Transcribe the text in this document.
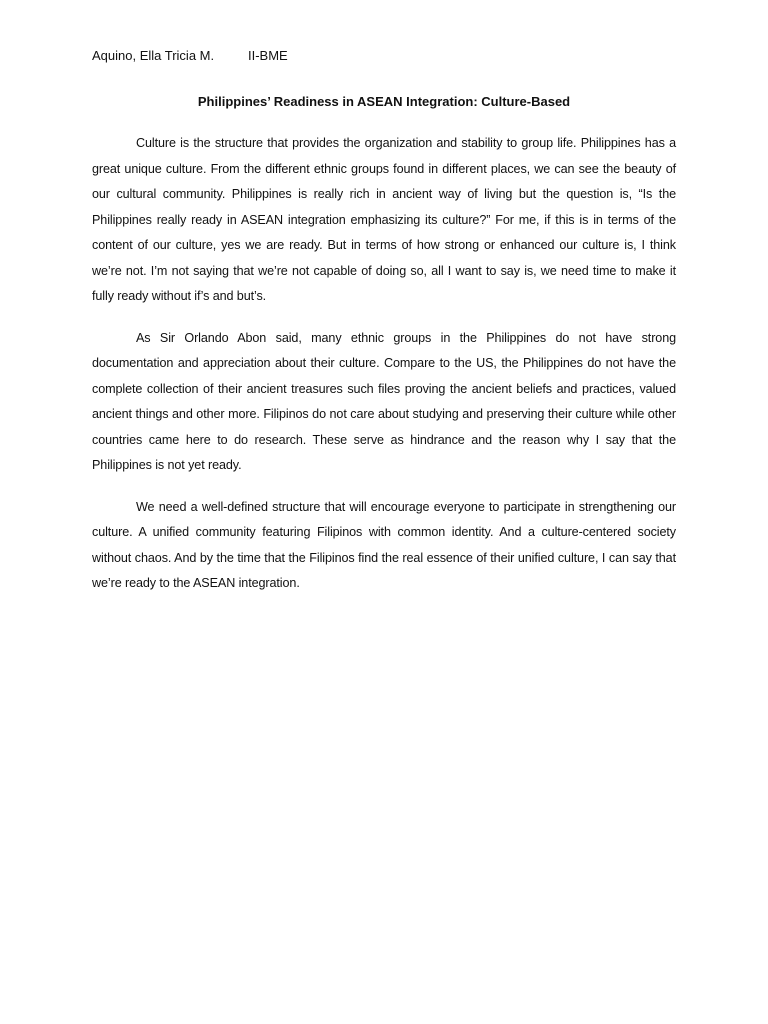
Aquino, Ella Tricia M.	II-BME
Philippines’ Readiness in ASEAN Integration: Culture-Based

Culture is the structure that provides the organization and stability to group life. Philippines has a great unique culture. From the different ethnic groups found in different places, we can see the beauty of our cultural community. Philippines is really rich in ancient way of living but the question is, “Is the Philippines really ready in ASEAN integration emphasizing its culture?” For me, if this is in terms of the content of our culture, yes we are ready. But in terms of how strong or enhanced our culture is, I think we’re not. I’m not saying that we’re not capable of doing so, all I want to say is, we need time to make it fully ready without if’s and but’s.

As Sir Orlando Abon said, many ethnic groups in the Philippines do not have strong documentation and appreciation about their culture. Compare to the US, the Philippines do not have the complete collection of their ancient treasures such files proving the ancient beliefs and practices, valued ancient things and other more. Filipinos do not care about studying and preserving their culture while other countries came here to do research. These serve as hindrance and the reason why I say that the Philippines is not yet ready.

We need a well-defined structure that will encourage everyone to participate in strengthening our culture. A unified community featuring Filipinos with common identity. And a culture-centered society without chaos. And by the time that the Filipinos find the real essence of their unified culture, I can say that we’re ready to the ASEAN integration.
